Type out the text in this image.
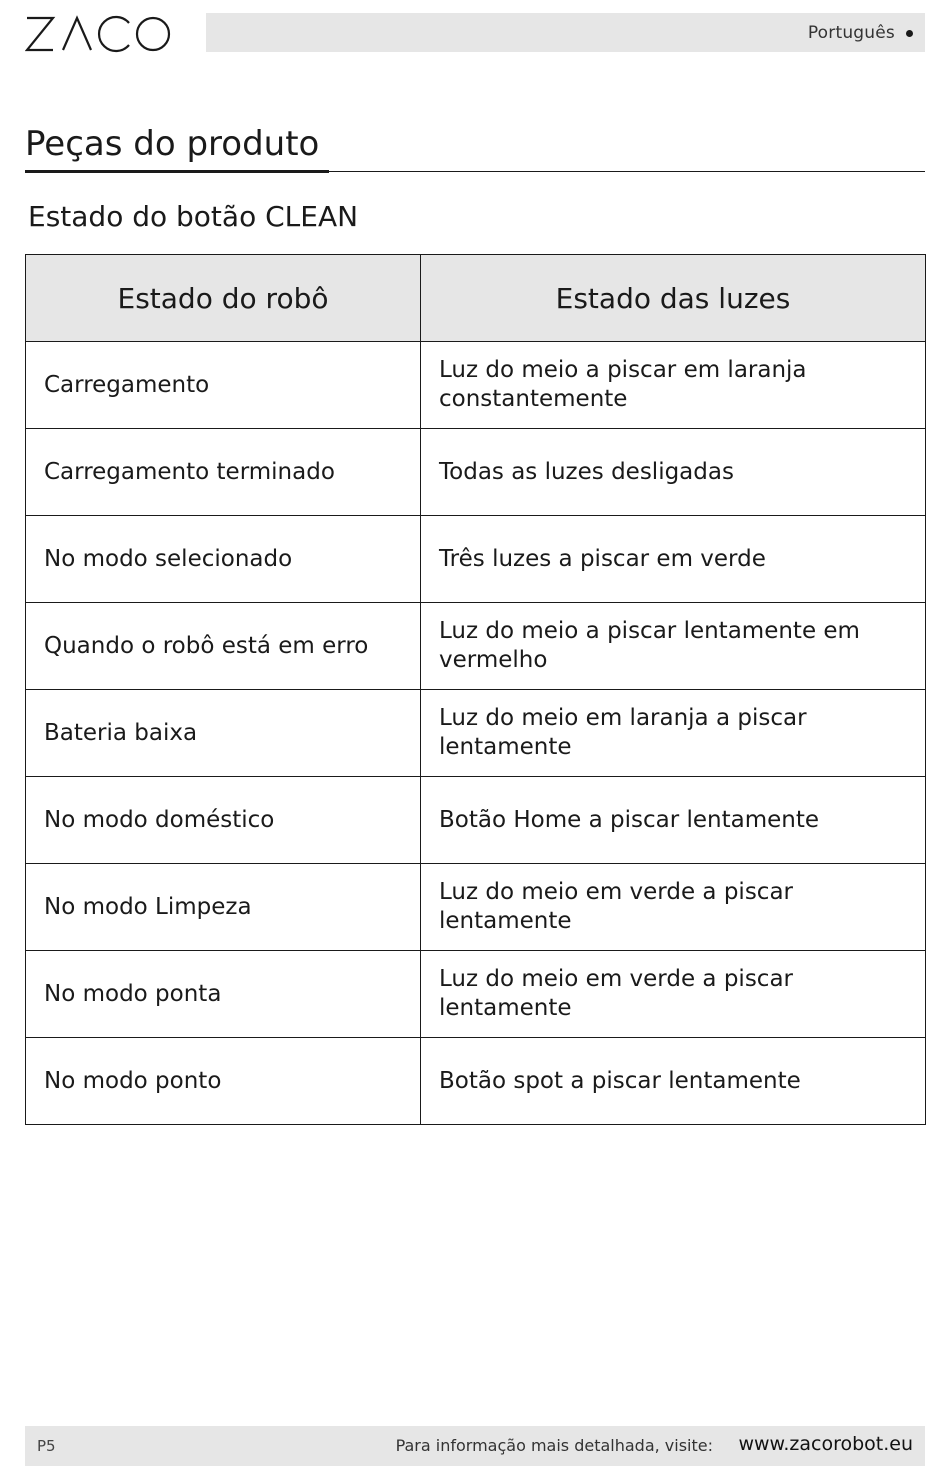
Português
Peças do produto
Estado do botão CLEAN
Estado do robô	Estado das luzes
Carregamento	Luz do meio a piscar em laranja constantemente
Carregamento terminado	Todas as luzes desligadas
No modo selecionado	Três luzes a piscar em verde
Quando o robô está em erro	Luz do meio a piscar lentamente em vermelho
Bateria baixa	Luz do meio em laranja a piscar lentamente
No modo doméstico	Botão Home a piscar lentamente
No modo Limpeza	Luz do meio em verde a piscar lentamente
No modo ponta	Luz do meio em verde a piscar lentamente
No modo ponto	Botão spot a piscar lentamente
P5	Para informação mais detalhada, visite: www.zacorobot.eu
